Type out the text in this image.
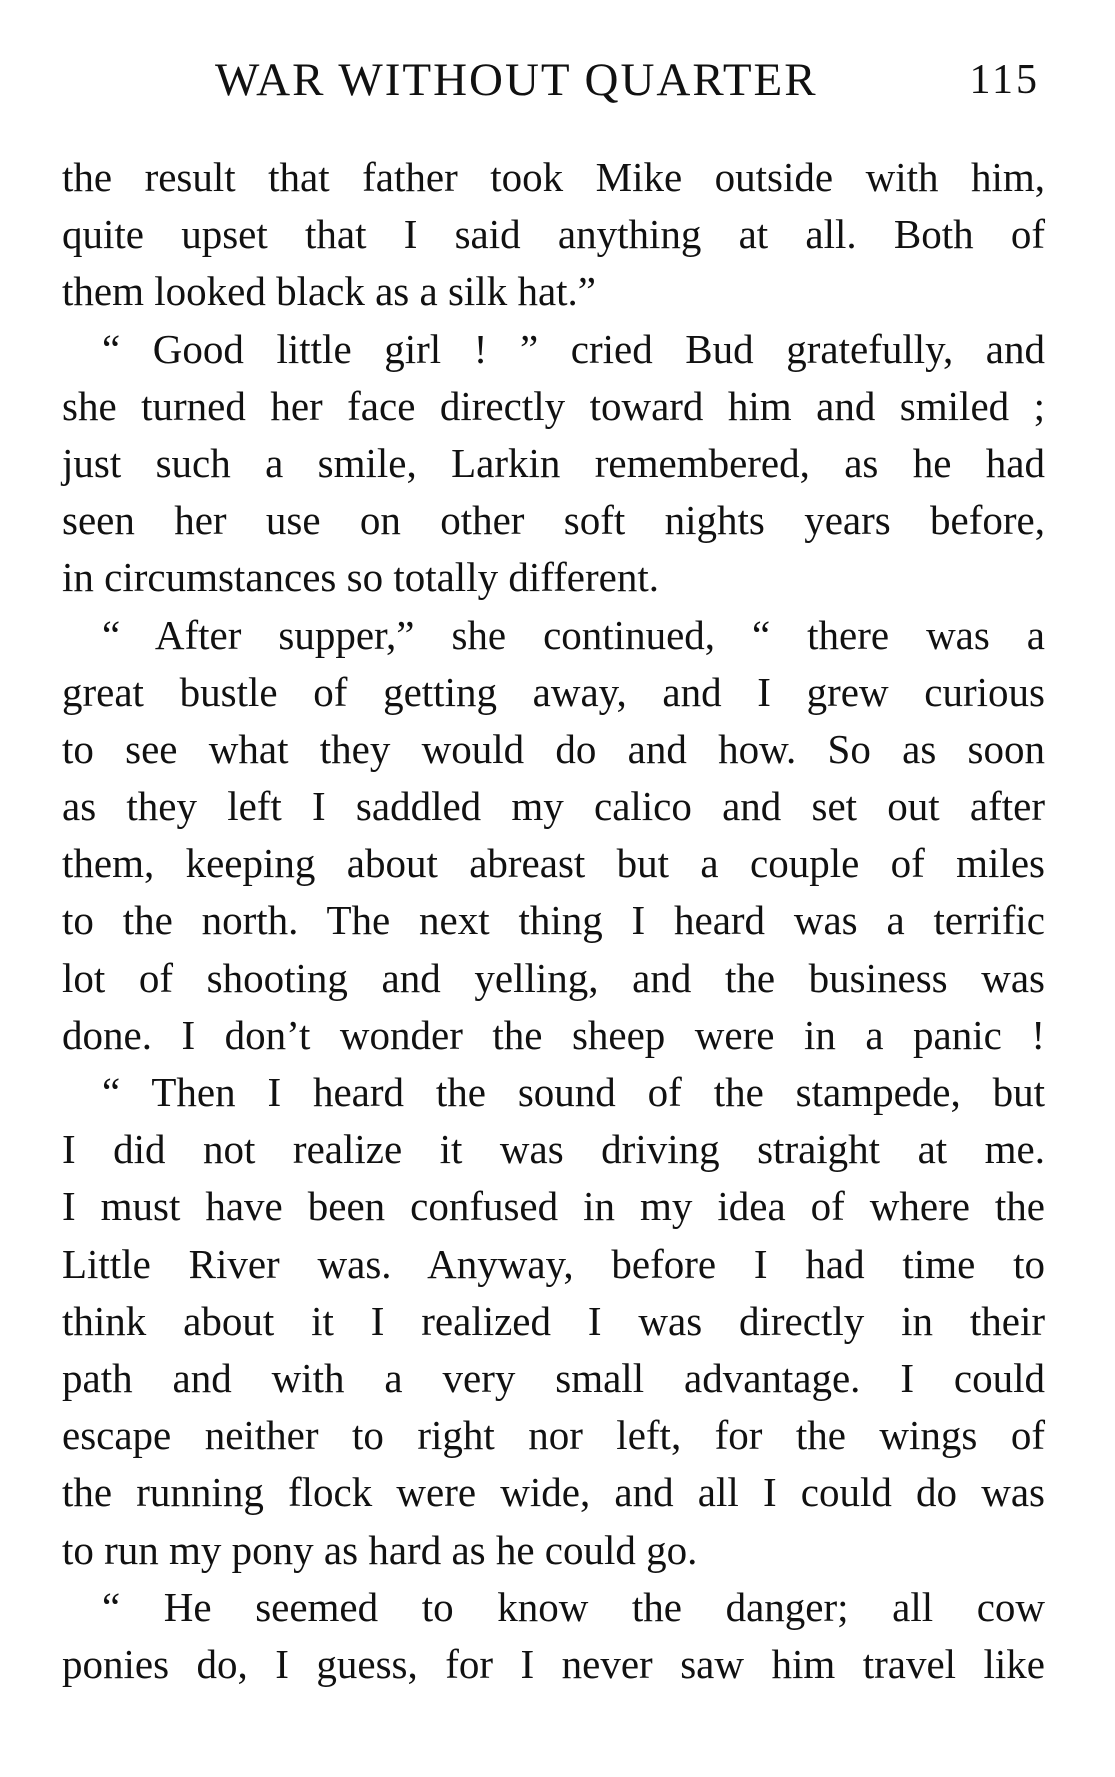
WAR WITHOUT QUARTER	115
the result that father took Mike outside with him,
quite upset that I said anything at all. Both of
them looked black as a silk hat.”
“ Good little girl ! ” cried Bud gratefully, and
she turned her face directly toward him and smiled ;
just such a smile, Larkin remembered, as he had
seen her use on other soft nights years before,
in circumstances so totally different.
“ After supper,” she continued, “ there was a
great bustle of getting away, and I grew curious
to see what they would do and how. So as soon
as they left I saddled my calico and set out after
them, keeping about abreast but a couple of miles
to the north. The next thing I heard was a terrific
lot of shooting and yelling, and the business was
done. I don’t wonder the sheep were in a panic !
“ Then I heard the sound of the stampede, but
I did not realize it was driving straight at me.
I must have been confused in my idea of where the
Little River was. Anyway, before I had time to
think about it I realized I was directly in their
path and with a very small advantage. I could
escape neither to right nor left, for the wings of
the running flock were wide, and all I could do was
to run my pony as hard as he could go.
“ He seemed to know the danger; all cow
ponies do, I guess, for I never saw him travel like
